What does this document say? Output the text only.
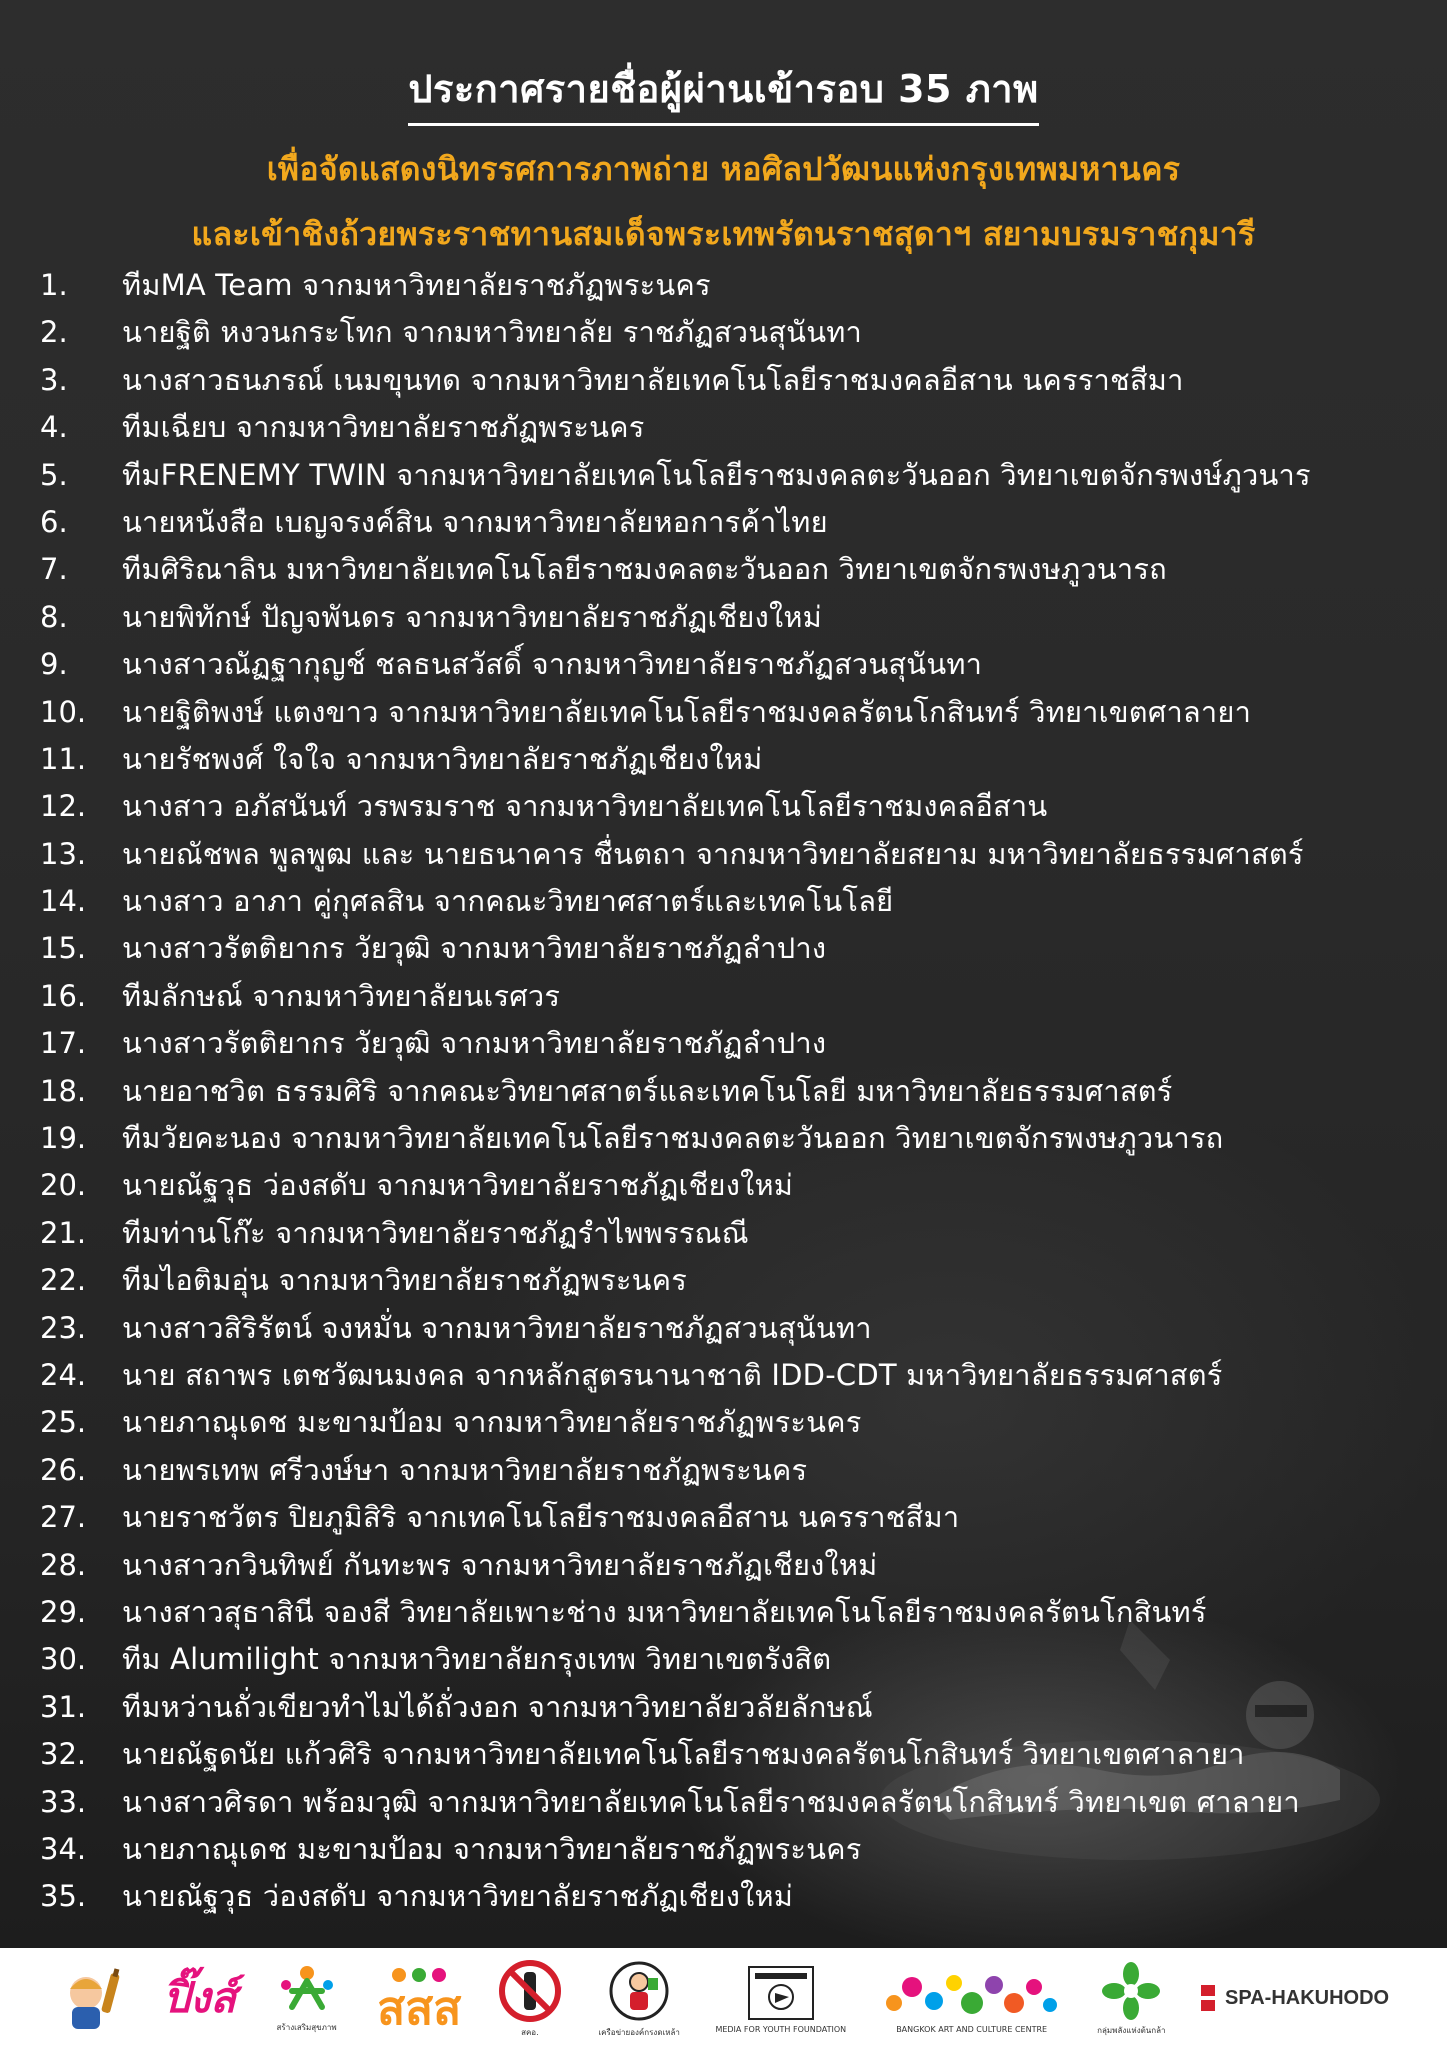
ประกาศรายชื่อผู้ผ่านเข้ารอบ 35 ภาพ
เพื่อจัดแสดงนิทรรศการภาพถ่าย หอศิลปวัฒนแห่งกรุงเทพมหานคร
และเข้าชิงถ้วยพระราชทานสมเด็จพระเทพรัตนราชสุดาฯ สยามบรมราชกุมารี
1.	ทีมMA Team จากมหาวิทยาลัยราชภัฏพระนคร
2.	นายฐิติ หงวนกระโทก จากมหาวิทยาลัย ราชภัฏสวนสุนันทา
3.	นางสาวธนภรณ์ เนมขุนทด จากมหาวิทยาลัยเทคโนโลยีราชมงคลอีสาน นครราชสีมา
4.	ทีมเฉียบ จากมหาวิทยาลัยราชภัฏพระนคร
5.	ทีมFRENEMY TWIN จากมหาวิทยาลัยเทคโนโลยีราชมงคลตะวันออก วิทยาเขตจักรพงษ์ภูวนาร
6.	นายหนังสือ เบญจรงค์สิน จากมหาวิทยาลัยหอการค้าไทย
7.	ทีมศิริณาลิน มหาวิทยาลัยเทคโนโลยีราชมงคลตะวันออก วิทยาเขตจักรพงษภูวนารถ
8.	นายพิทักษ์ ปัญจพันดร จากมหาวิทยาลัยราชภัฏเชียงใหม่
9.	นางสาวณัฏฐากุญช์ ชลธนสวัสดิ์ จากมหาวิทยาลัยราชภัฏสวนสุนันทา
10.	นายฐิติพงษ์ แตงขาว จากมหาวิทยาลัยเทคโนโลยีราชมงคลรัตนโกสินทร์ วิทยาเขตศาลายา
11.	นายรัชพงศ์ ใจใจ จากมหาวิทยาลัยราชภัฏเชียงใหม่
12.	นางสาว อภัสนันท์ วรพรมราช จากมหาวิทยาลัยเทคโนโลยีราชมงคลอีสาน
13.	นายณัชพล พูลพูฒ และ นายธนาคาร ชื่นตถา จากมหาวิทยาลัยสยาม มหาวิทยาลัยธรรมศาสตร์
14.	นางสาว อาภา คู่กุศลสิน จากคณะวิทยาศสาตร์และเทคโนโลยี
15.	นางสาวรัตติยากร วัยวุฒิ จากมหาวิทยาลัยราชภัฏลำปาง
16.	ทีมลักษณ์ จากมหาวิทยาลัยนเรศวร
17.	นางสาวรัตติยากร วัยวุฒิ จากมหาวิทยาลัยราชภัฏลำปาง
18.	นายอาชวิต ธรรมศิริ จากคณะวิทยาศสาตร์และเทคโนโลยี มหาวิทยาลัยธรรมศาสตร์
19.	ทีมวัยคะนอง จากมหาวิทยาลัยเทคโนโลยีราชมงคลตะวันออก วิทยาเขตจักรพงษภูวนารถ
20.	นายณัฐวุธ ว่องสดับ จากมหาวิทยาลัยราชภัฏเชียงใหม่
21.	ทีมท่านโก๊ะ จากมหาวิทยาลัยราชภัฏรำไพพรรณณี
22.	ทีมไอติมอุ่น จากมหาวิทยาลัยราชภัฏพระนคร
23.	นางสาวสิริรัตน์ จงหมั่น จากมหาวิทยาลัยราชภัฏสวนสุนันทา
24.	นาย สถาพร เตชวัฒนมงคล จากหลักสูตรนานาชาติ IDD-CDT มหาวิทยาลัยธรรมศาสตร์
25.	นายภาณุเดช มะขามป้อม จากมหาวิทยาลัยราชภัฏพระนคร
26.	นายพรเทพ ศรีวงษ์ษา จากมหาวิทยาลัยราชภัฏพระนคร
27.	นายราชวัตร ปิยภูมิสิริ จากเทคโนโลยีราชมงคลอีสาน นครราชสีมา
28.	นางสาวกวินทิพย์ กันทะพร จากมหาวิทยาลัยราชภัฏเชียงใหม่
29.	นางสาวสุธาสินี จองสี วิทยาลัยเพาะช่าง มหาวิทยาลัยเทคโนโลยีราชมงคลรัตนโกสินทร์
30.	ทีม Alumilight จากมหาวิทยาลัยกรุงเทพ วิทยาเขตรังสิต
31.	ทีมหว่านถั่วเขียวทำไมได้ถั่วงอก จากมหาวิทยาลัยวลัยลักษณ์
32.	นายณัฐดนัย แก้วศิริ จากมหาวิทยาลัยเทคโนโลยีราชมงคลรัตนโกสินทร์ วิทยาเขตศาลายา
33.	นางสาวศิรดา พร้อมวุฒิ จากมหาวิทยาลัยเทคโนโลยีราชมงคลรัตนโกสินทร์ วิทยาเขต ศาลายา
34.	นายภาณุเดช มะขามป้อม จากมหาวิทยาลัยราชภัฏพระนคร
35.	นายณัฐวุธ ว่องสดับ จากมหาวิทยาลัยราชภัฏเชียงใหม่
ปิ๊งส์
สร้างเสริมสุขภาพ สสส	สคอ.	เครือข่ายองค์กรงดเหล้า	MEDIA FOR YOUTH FOUNDATION	BANGKOK ART AND CULTURE CENTRE	กลุ่มพลังแห่งต้นกล้า
SPA-HAKUHODO
